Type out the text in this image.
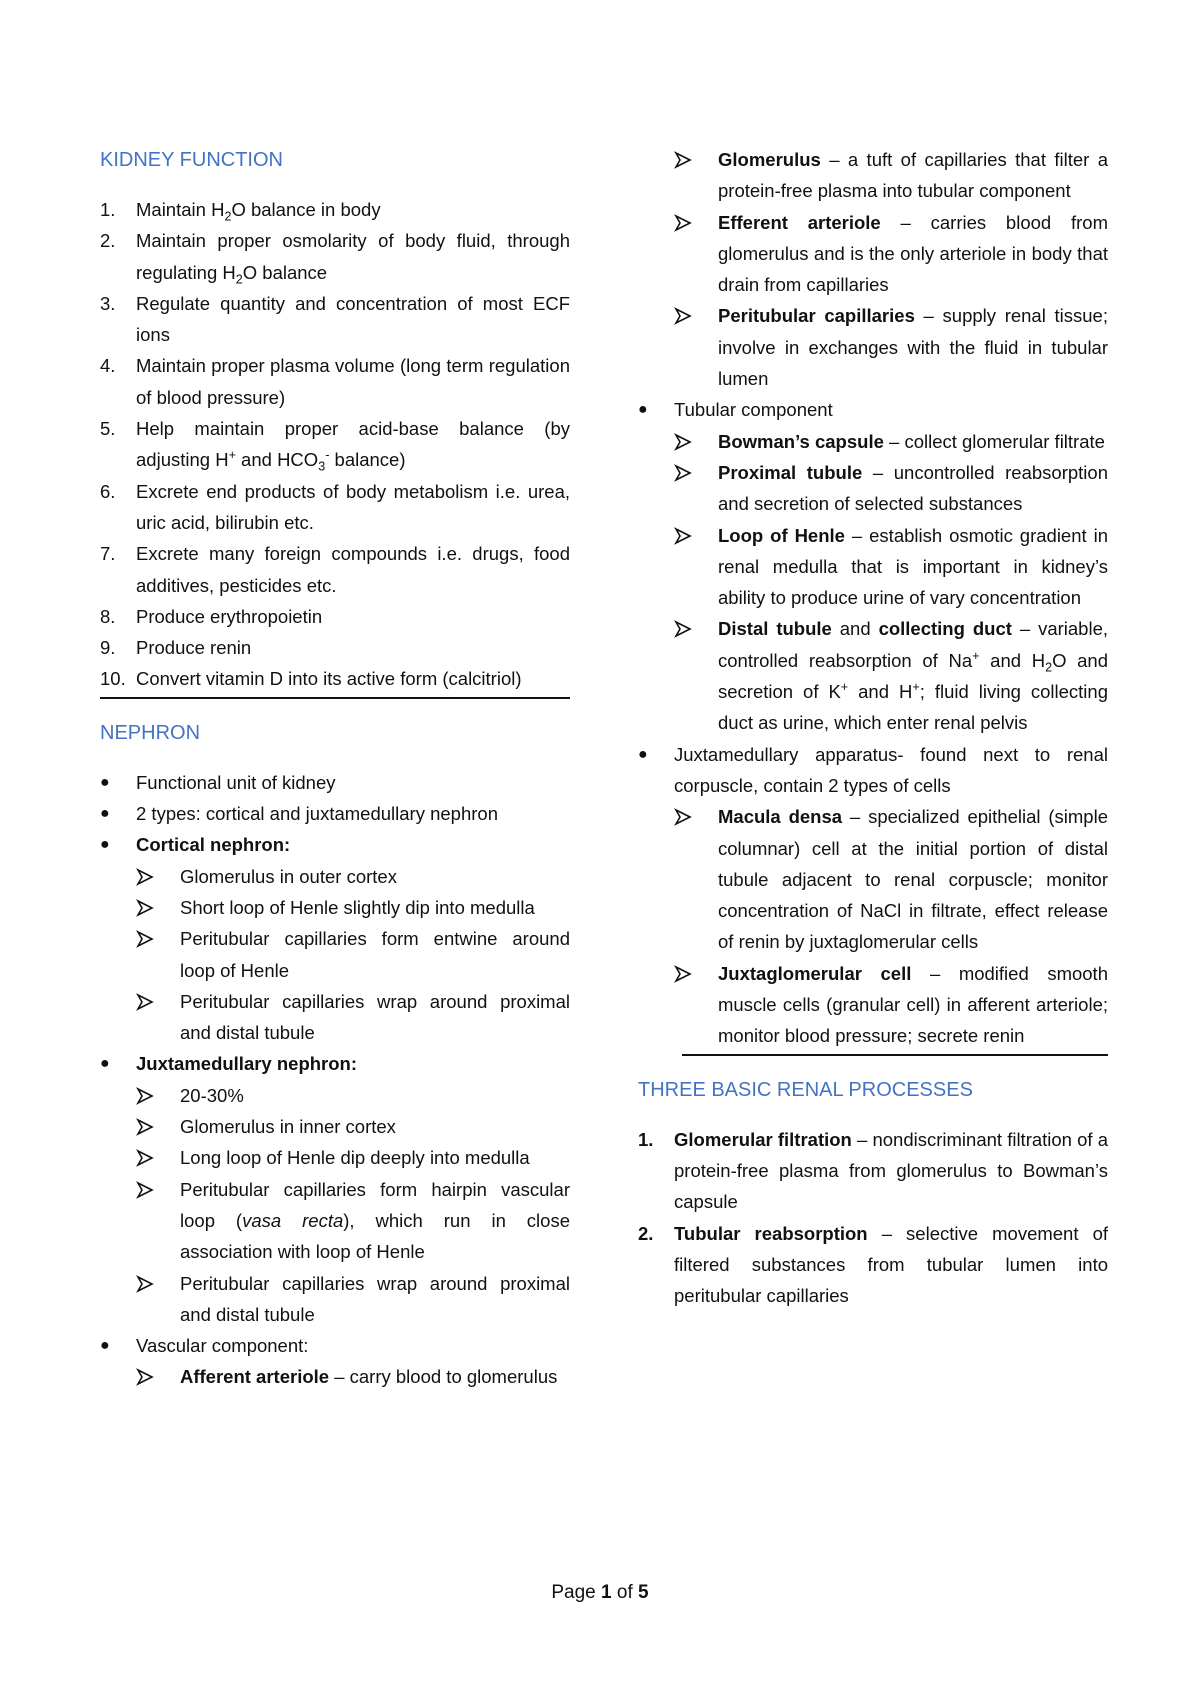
KIDNEY FUNCTION
1. Maintain $H_2O$ balance in body
2. Maintain proper osmolarity of body fluid, through regulating $H_2O$ balance
3. Regulate quantity and concentration of most ECF ions
4. Maintain proper plasma volume (long term regulation of blood pressure)
5. Help maintain proper acid-base balance (by adjusting H+ and $HCO_3^-$ balance)
6. Excrete end products of body metabolism i.e. urea, uric acid, bilirubin etc.
7. Excrete many foreign compounds i.e. drugs, food additives, pesticides etc.
8. Produce erythropoietin
9. Produce renin
10. Convert vitamin D into its active form (calcitriol)
NEPHRON
● Functional unit of kidney
● 2 types: cortical and juxtamedullary nephron
● Cortical nephron:
Glomerulus in outer cortex
Short loop of Henle slightly dip into medulla
Peritubular capillaries form entwine around loop of Henle
Peritubular capillaries wrap around proximal and distal tubule
● Juxtamedullary nephron:
20-30%
Glomerulus in inner cortex
Long loop of Henle dip deeply into medulla
Peritubular capillaries form hairpin vascular loop (vasa recta), which run in close association with loop of Henle
Peritubular capillaries wrap around proximal and distal tubule
● Vascular component:
Afferent arteriole – carry blood to glomerulus
Glomerulus – a tuft of capillaries that filter a protein-free plasma into tubular component
Efferent arteriole – carries blood from glomerulus and is the only arteriole in body that drain from capillaries
Peritubular capillaries – supply renal tissue; involve in exchanges with the fluid in tubular lumen
● Tubular component
Bowman’s capsule – collect glomerular filtrate
Proximal tubule – uncontrolled reabsorption and secretion of selected substances
Loop of Henle – establish osmotic gradient in renal medulla that is important in kidney’s ability to produce urine of vary concentration
Distal tubule and collecting duct – variable, controlled reabsorption of Na+ and $H_2O$ and secretion of K+ and H+; fluid living collecting duct as urine, which enter renal pelvis
● Juxtamedullary apparatus- found next to renal corpuscle, contain 2 types of cells
Macula densa – specialized epithelial (simple columnar) cell at the initial portion of distal tubule adjacent to renal corpuscle; monitor concentration of NaCl in filtrate, effect release of renin by juxtaglomerular cells
Juxtaglomerular cell – modified smooth muscle cells (granular cell) in afferent arteriole; monitor blood pressure; secrete renin
THREE BASIC RENAL PROCESSES
1. Glomerular filtration – nondiscriminant filtration of a protein-free plasma from glomerulus to Bowman’s capsule
2. Tubular reabsorption – selective movement of filtered substances from tubular lumen into peritubular capillaries
Page 1 of 5
